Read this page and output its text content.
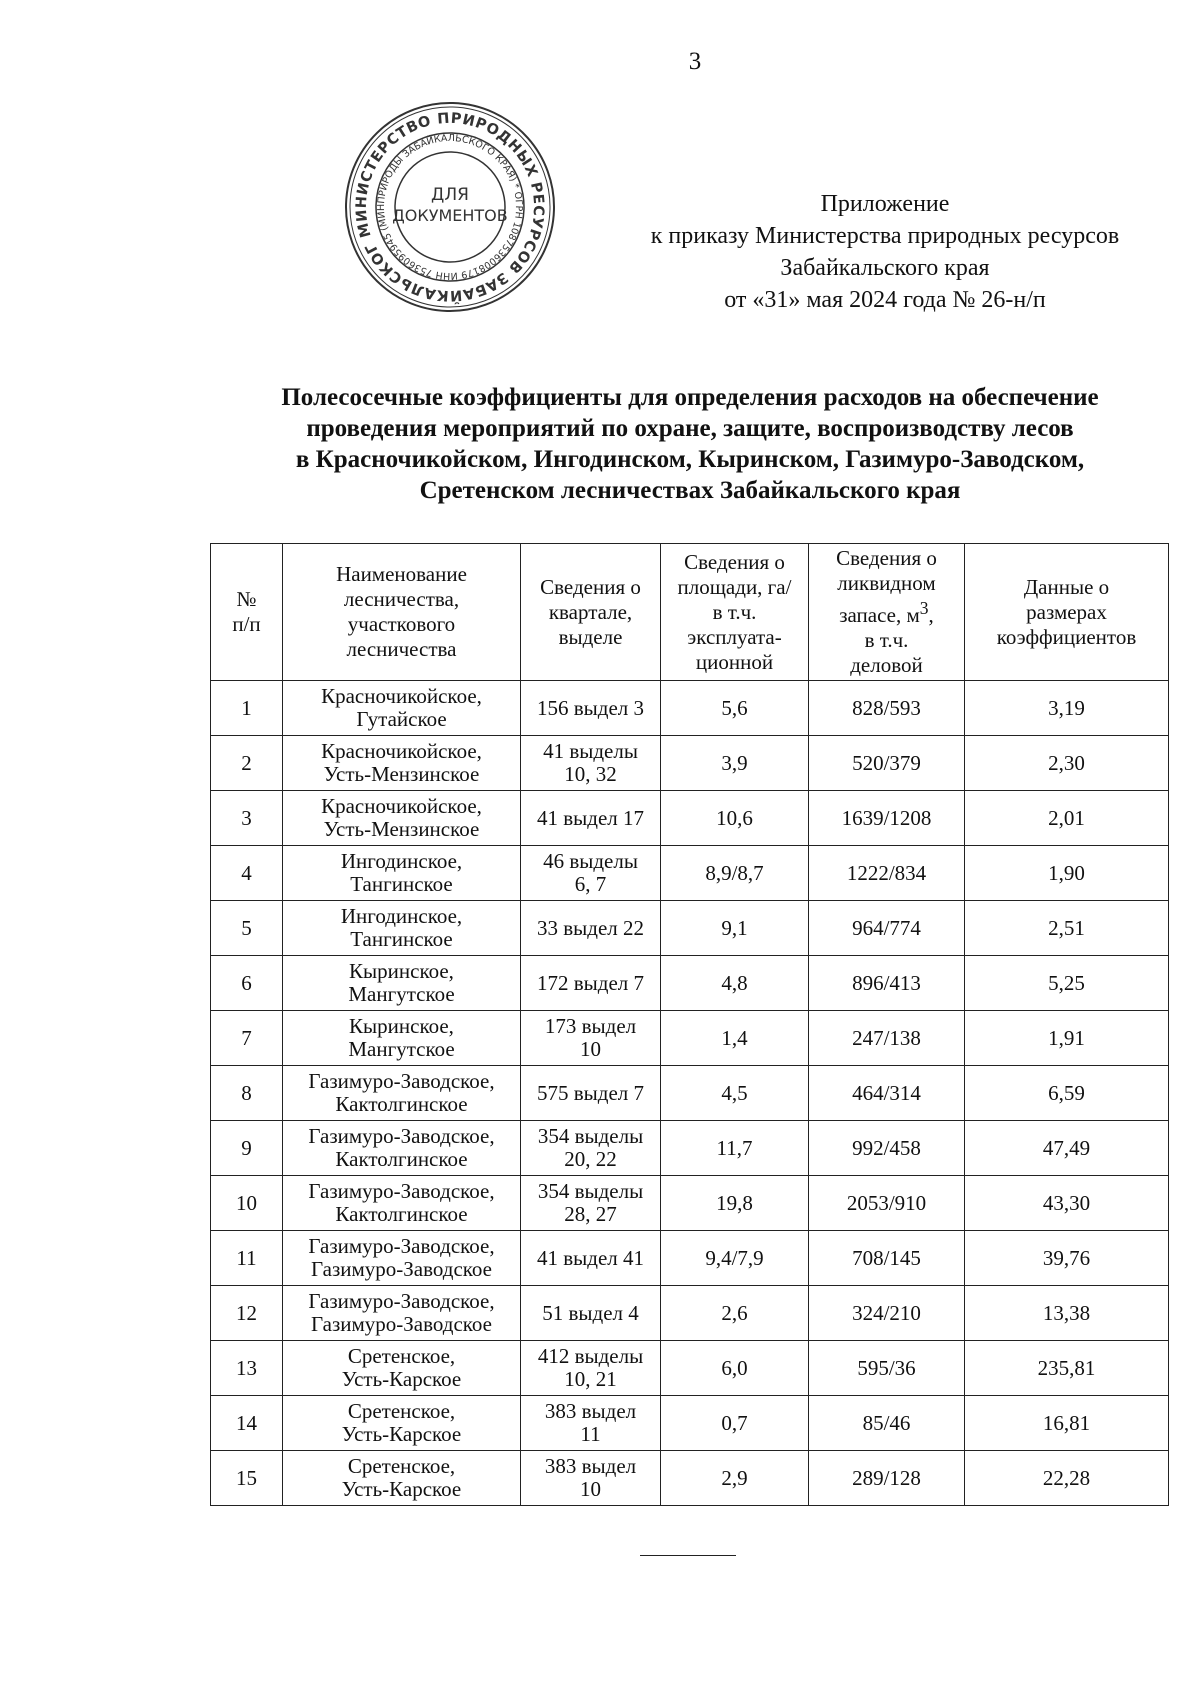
3
МИНИСТЕРСТВО ПРИРОДНЫХ РЕСУРСОВ ЗАБАЙКАЛЬСКОГО
(МИНПРИРОДЫ ЗАБАЙКАЛЬСКОГО КРАЯ) * ОГРН 1087536008179 ИНН 7536095945
ДЛЯ
ДОКУМЕНТОВ	Приложение
к приказу Министерства природных ресурсов
Забайкальского края
от «31» мая 2024 года № 26-н/п
Полесосечные коэффициенты для определения расходов на обеспечение
проведения мероприятий по охране, защите, воспроизводству лесов
в Красночикойском, Ингодинском, Кыринском, Газимуро-Заводском,
Сретенском лесничествах Забайкальского края
№
п/п	Наименование
лесничества,
участкового
лесничества	Сведения о
квартале,
выделе	Сведения о
площади, га/
в т.ч.
эксплуата-
ционной	Сведения о
ликвидном
запасе, $м^3$,
в т.ч.
деловой	Данные о
размерах
коэффициентов
1	Красночикойское,
Гутайское	156 выдел 3	5,6	828/593	3,19
2	Красночикойское,
Усть-Мензинское	41 выделы
10, 32	3,9	520/379	2,30
3	Красночикойское,
Усть-Мензинское	41 выдел 17	10,6	1639/1208	2,01
4	Ингодинское,
Тангинское	46 выделы
6, 7	8,9/8,7	1222/834	1,90
5	Ингодинское,
Тангинское	33 выдел 22	9,1	964/774	2,51
6	Кыринское,
Мангутское	172 выдел 7	4,8	896/413	5,25
7	Кыринское,
Мангутское	173 выдел
10	1,4	247/138	1,91
8	Газимуро-Заводское,
Кактолгинское	575 выдел 7	4,5	464/314	6,59
9	Газимуро-Заводское,
Кактолгинское	354 выделы
20, 22	11,7	992/458	47,49
10	Газимуро-Заводское,
Кактолгинское	354 выделы
28, 27	19,8	2053/910	43,30
11	Газимуро-Заводское,
Газимуро-Заводское	41 выдел 41	9,4/7,9	708/145	39,76
12	Газимуро-Заводское,
Газимуро-Заводское	51 выдел 4	2,6	324/210	13,38
13	Сретенское,
Усть-Карское	412 выделы
10, 21	6,0	595/36	235,81
14	Сретенское,
Усть-Карское	383 выдел
11	0,7	85/46	16,81
15	Сретенское,
Усть-Карское	383 выдел
10	2,9	289/128	22,28
